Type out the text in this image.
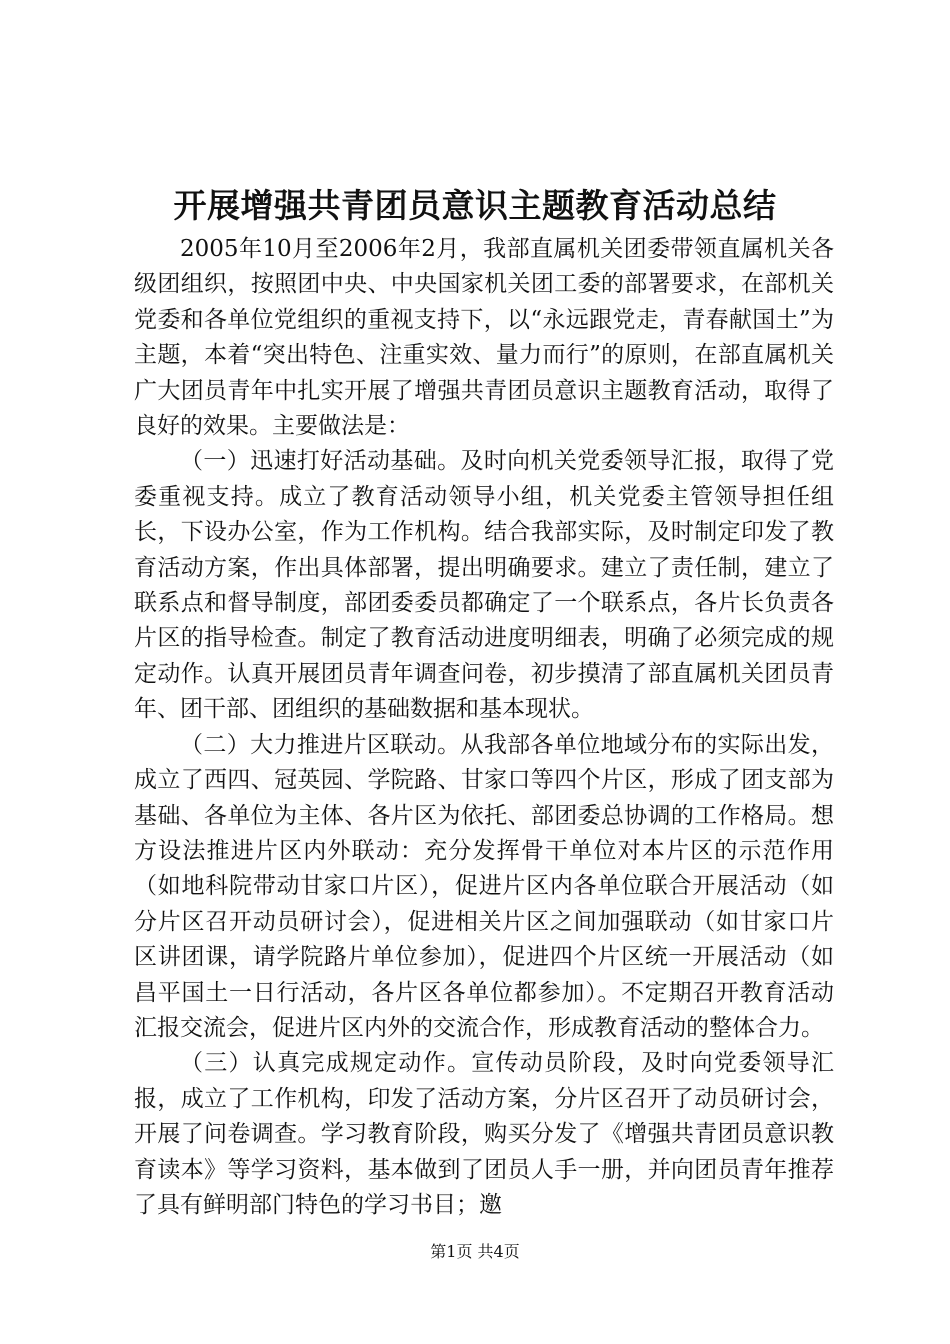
开展增强共青团员意识主题教育活动总结

2005年10月至2006年2月，我部直属机关团委带领直属机关各级团组织，按照团中央、中央国家机关团工委的部署要求，在部机关党委和各单位党组织的重视支持下，以“永远跟党走，青春献国土”为主题，本着“突出特色、注重实效、量力而行”的原则，在部直属机关广大团员青年中扎实开展了增强共青团员意识主题教育活动，取得了良好的效果。主要做法是：

（一）迅速打好活动基础。及时向机关党委领导汇报，取得了党委重视支持。成立了教育活动领导小组，机关党委主管领导担任组长，下设办公室，作为工作机构。结合我部实际，及时制定印发了教育活动方案，作出具体部署，提出明确要求。建立了责任制，建立了联系点和督导制度，部团委委员都确定了一个联系点，各片长负责各片区的指导检查。制定了教育活动进度明细表，明确了必须完成的规定动作。认真开展团员青年调查问卷，初步摸清了部直属机关团员青年、团干部、团组织的基础数据和基本现状。

（二）大力推进片区联动。从我部各单位地域分布的实际出发，成立了西四、冠英园、学院路、甘家口等四个片区，形成了团支部为基础、各单位为主体、各片区为依托、部团委总协调的工作格局。想方设法推进片区内外联动：充分发挥骨干单位对本片区的示范作用（如地科院带动甘家口片区），促进片区内各单位联合开展活动（如分片区召开动员研讨会），促进相关片区之间加强联动（如甘家口片区讲团课，请学院路片单位参加），促进四个片区统一开展活动（如昌平国土一日行活动，各片区各单位都参加）。不定期召开教育活动汇报交流会，促进片区内外的交流合作，形成教育活动的整体合力。

（三）认真完成规定动作。宣传动员阶段，及时向党委领导汇报，成立了工作机构，印发了活动方案，分片区召开了动员研讨会，开展了问卷调查。学习教育阶段，购买分发了《增强共青团员意识教育读本》等学习资料，基本做到了团员人手一册，并向团员青年推荐了具有鲜明部门特色的学习书目；邀

第1页 共4页
